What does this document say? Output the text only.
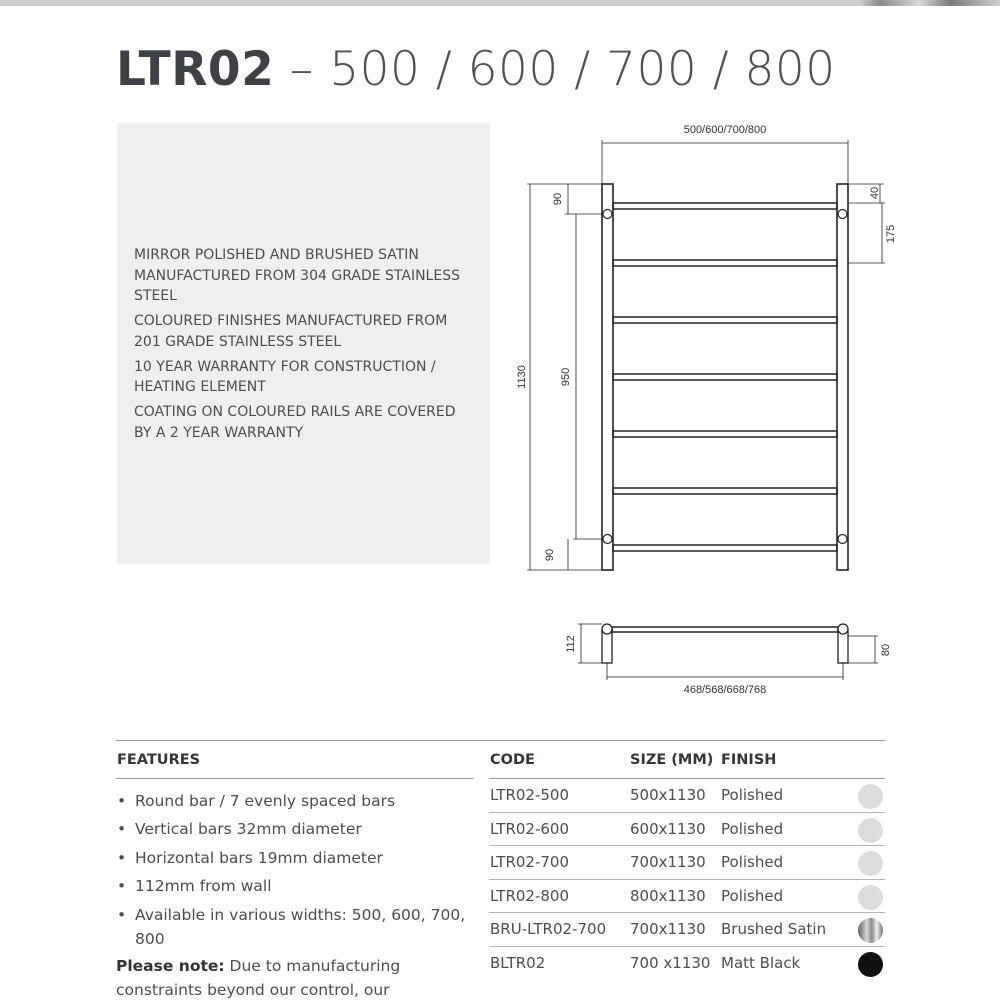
LTR02 – 500 / 600 / 700 / 800

MIRROR POLISHED AND BRUSHED SATIN MANUFACTURED FROM 304 GRADE STAINLESS STEEL

COLOURED FINISHES MANUFACTURED FROM 201 GRADE STAINLESS STEEL

10 YEAR WARRANTY FOR CONSTRUCTION / HEATING ELEMENT

COATING ON COLOURED RAILS ARE COVERED BY A 2 YEAR WARRANTY

500/600/700/800
1130
90
950
90
40
175
112	80
468/568/668/768
FEATURES
• Round bar / 7 evenly spaced bars
• Vertical bars 32mm diameter
• Horizontal bars 19mm diameter
• 112mm from wall
• Available in various widths: 500, 600, 700, 800
Please note: Due to manufacturing constraints beyond our control, our
CODE	SIZE (MM) FINISH
LTR02-500	500x1130 Polished
LTR02-600	600x1130 Polished
LTR02-700	700x1130 Polished
LTR02-800	800x1130 Polished
BRU-LTR02-700 700x1130 Brushed Satin
BLTR02	700 x1130 Matt Black
